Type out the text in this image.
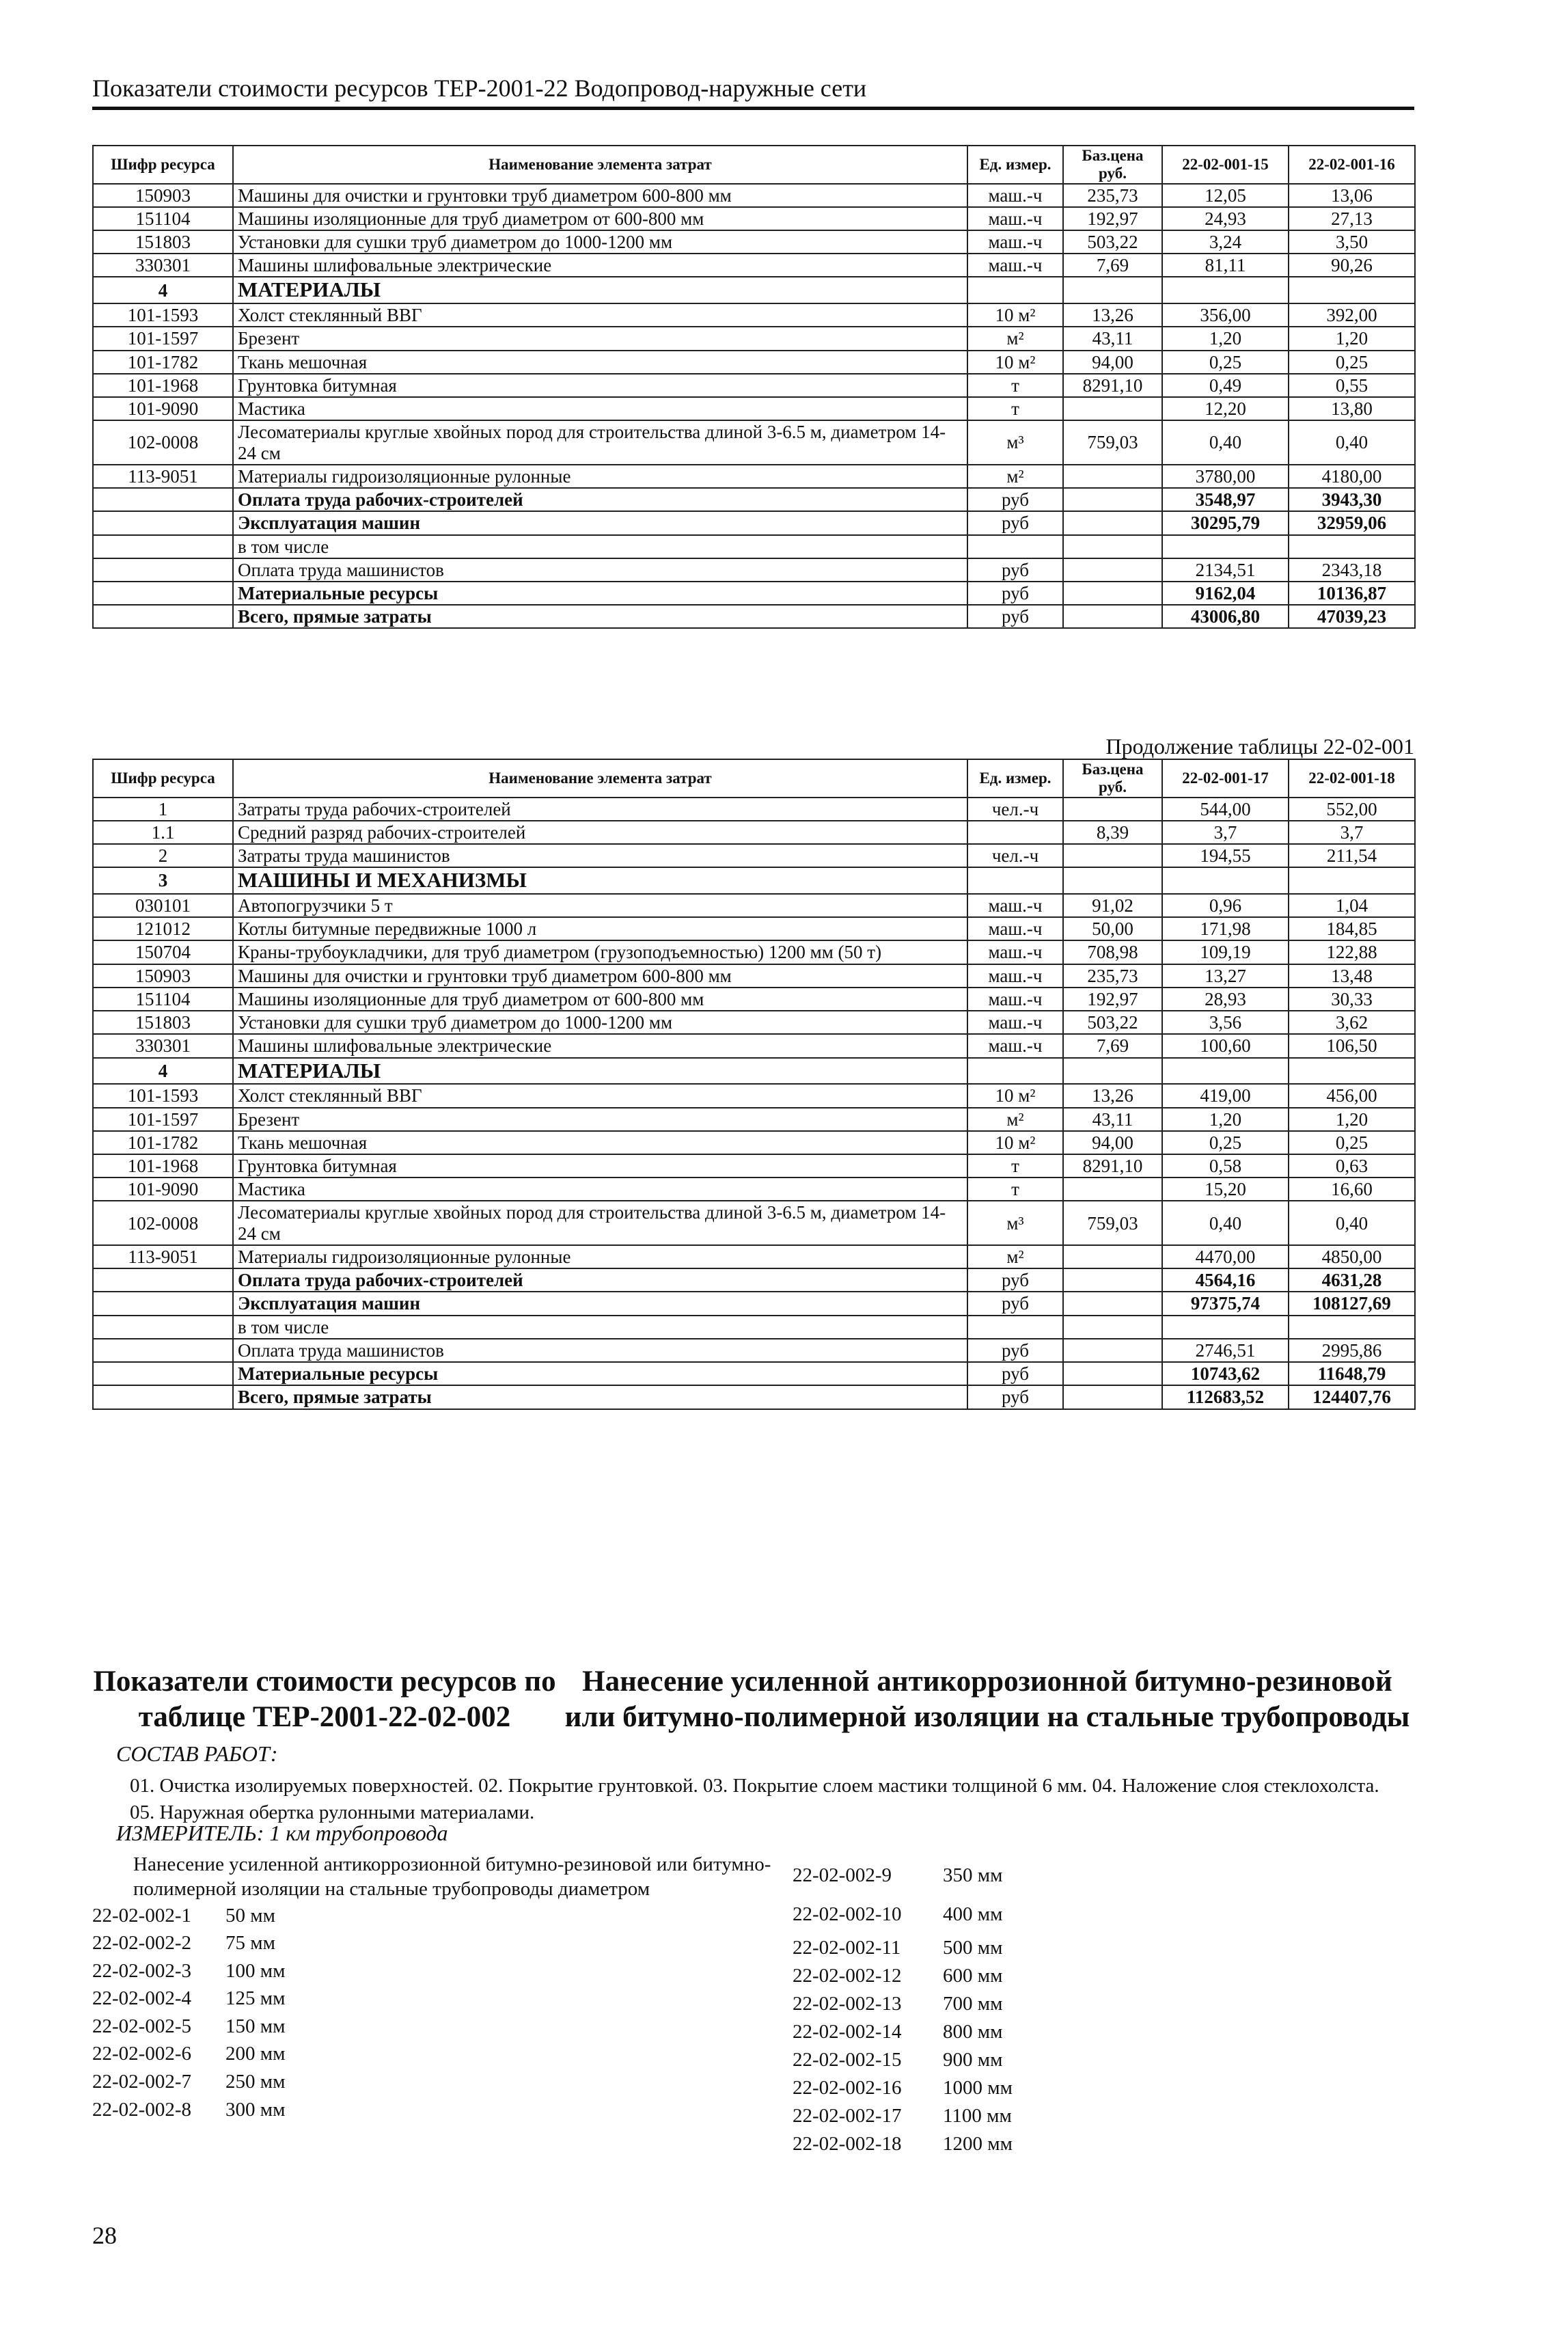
Показатели стоимости ресурсов ТЕР-2001-22 Водопровод-наружные сети
Шифр ресурса	Наименование элемента затрат	Ед. измер.	Баз.цена руб.	22-02-001-15	22-02-001-16
150903	Машины для очистки и грунтовки труб диаметром 600-800 мм	маш.-ч	235,73	12,05	13,06
151104	Машины изоляционные для труб диаметром от 600-800 мм	маш.-ч	192,97	24,93	27,13
151803	Установки для сушки труб диаметром до 1000-1200 мм	маш.-ч	503,22	3,24	3,50
330301	Машины шлифовальные электрические	маш.-ч	7,69	81,11	90,26
4	МАТЕРИАЛЫ				
101-1593	Холст стеклянный ВВГ	10 м²	13,26	356,00	392,00
101-1597	Брезент	м²	43,11	1,20	1,20
101-1782	Ткань мешочная	10 м²	94,00	0,25	0,25
101-1968	Грунтовка битумная	т	8291,10	0,49	0,55
101-9090	Мастика	т		12,20	13,80
102-0008	Лесоматериалы круглые хвойных пород для строительства длиной 3-6.5 м, диаметром 14-24 см	м³	759,03	0,40	0,40
113-9051	Материалы гидроизоляционные рулонные	м²		3780,00	4180,00
	Оплата труда рабочих-строителей	руб		3548,97	3943,30
	Эксплуатация машин	руб		30295,79	32959,06
	в том числе				
	Оплата труда машинистов	руб		2134,51	2343,18
	Материальные ресурсы	руб		9162,04	10136,87
	Всего, прямые затраты	руб		43006,80	47039,23
Продолжение таблицы 22-02-001
Шифр ресурса	Наименование элемента затрат	Ед. измер.	Баз.цена руб.	22-02-001-17	22-02-001-18
1	Затраты труда рабочих-строителей	чел.-ч		544,00	552,00
1.1	Средний разряд рабочих-строителей		8,39	3,7	3,7
2	Затраты труда машинистов	чел.-ч		194,55	211,54
3	МАШИНЫ И МЕХАНИЗМЫ				
030101	Автопогрузчики 5 т	маш.-ч	91,02	0,96	1,04
121012	Котлы битумные передвижные 1000 л	маш.-ч	50,00	171,98	184,85
150704	Краны-трубоукладчики, для труб диаметром (грузоподъемностью) 1200 мм (50 т)	маш.-ч	708,98	109,19	122,88
150903	Машины для очистки и грунтовки труб диаметром 600-800 мм	маш.-ч	235,73	13,27	13,48
151104	Машины изоляционные для труб диаметром от 600-800 мм	маш.-ч	192,97	28,93	30,33
151803	Установки для сушки труб диаметром до 1000-1200 мм	маш.-ч	503,22	3,56	3,62
330301	Машины шлифовальные электрические	маш.-ч	7,69	100,60	106,50
4	МАТЕРИАЛЫ				
101-1593	Холст стеклянный ВВГ	10 м²	13,26	419,00	456,00
101-1597	Брезент	м²	43,11	1,20	1,20
101-1782	Ткань мешочная	10 м²	94,00	0,25	0,25
101-1968	Грунтовка битумная	т	8291,10	0,58	0,63
101-9090	Мастика	т		15,20	16,60
102-0008	Лесоматериалы круглые хвойных пород для строительства длиной 3-6.5 м, диаметром 14-24 см	м³	759,03	0,40	0,40
113-9051	Материалы гидроизоляционные рулонные	м²		4470,00	4850,00
	Оплата труда рабочих-строителей	руб		4564,16	4631,28
	Эксплуатация машин	руб		97375,74	108127,69
	в том числе				
	Оплата труда машинистов	руб		2746,51	2995,86
	Материальные ресурсы	руб		10743,62	11648,79
	Всего, прямые затраты	руб		112683,52	124407,76
Показатели стоимости ресурсов по таблице ТЕР-2001-22-02-002
Нанесение усиленной антикоррозионной битумно-резиновой или битумно-полимерной изоляции на стальные трубопроводы
СОСТАВ РАБОТ:
01. Очистка изолируемых поверхностей. 02. Покрытие грунтовкой. 03. Покрытие слоем мастики толщиной 6 мм. 04. Наложение слоя стеклохолста. 05. Наружная обертка рулонными материалами.
ИЗМЕРИТЕЛЬ: 1 км трубопровода
Нанесение усиленной антикоррозионной битумно-резиновой или битумно-полимерной изоляции на стальные трубопроводы диаметром
22-02-002-1	50 мм
22-02-002-2	75 мм
22-02-002-3	100 мм
22-02-002-4	125 мм
22-02-002-5	150 мм
22-02-002-6	200 мм
22-02-002-7	250 мм
22-02-002-8	300 мм
22-02-002-9	350 мм
22-02-002-10	400 мм
22-02-002-11	500 мм
22-02-002-12	600 мм
22-02-002-13	700 мм
22-02-002-14	800 мм
22-02-002-15	900 мм
22-02-002-16	1000 мм
22-02-002-17	1100 мм
22-02-002-18	1200 мм
28
